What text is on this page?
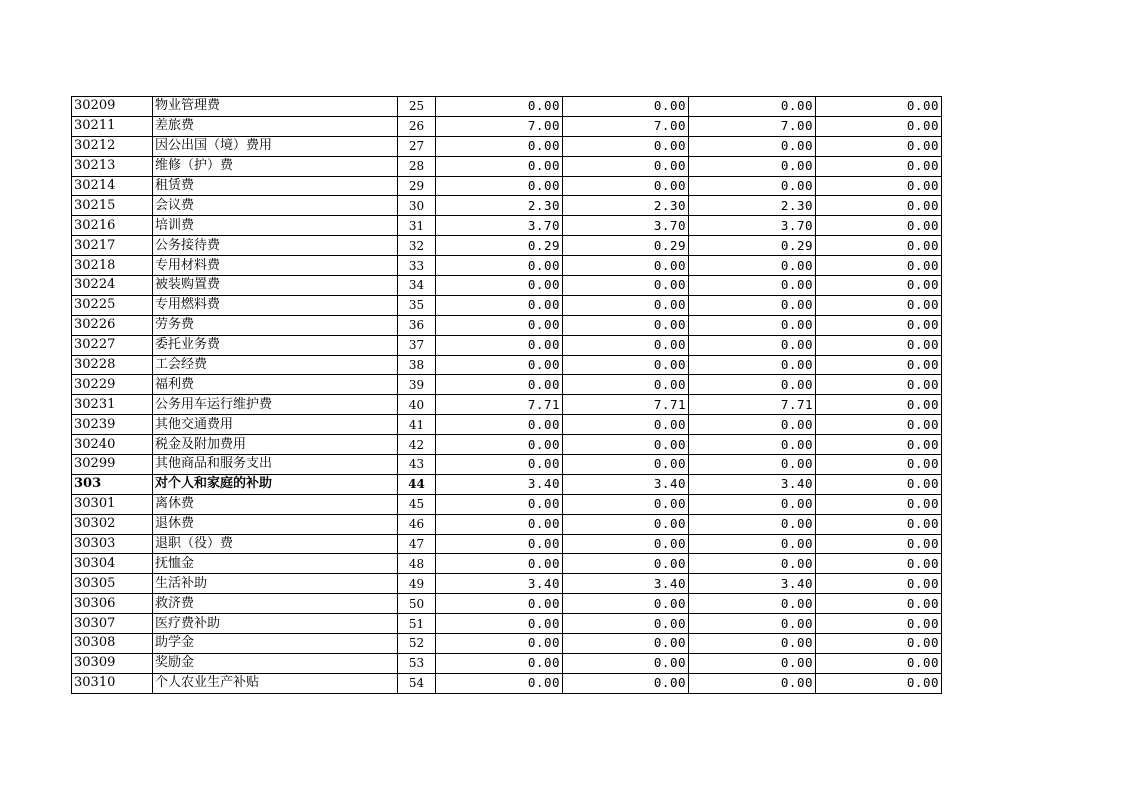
30209	物业管理费	25	0.00	0.00	0.00	0.00
30211	差旅费	26	7.00	7.00	7.00	0.00
30212	因公出国（境）费用	27	0.00	0.00	0.00	0.00
30213	维修（护）费	28	0.00	0.00	0.00	0.00
30214	租赁费	29	0.00	0.00	0.00	0.00
30215	会议费	30	2.30	2.30	2.30	0.00
30216	培训费	31	3.70	3.70	3.70	0.00
30217	公务接待费	32	0.29	0.29	0.29	0.00
30218	专用材料费	33	0.00	0.00	0.00	0.00
30224	被装购置费	34	0.00	0.00	0.00	0.00
30225	专用燃料费	35	0.00	0.00	0.00	0.00
30226	劳务费	36	0.00	0.00	0.00	0.00
30227	委托业务费	37	0.00	0.00	0.00	0.00
30228	工会经费	38	0.00	0.00	0.00	0.00
30229	福利费	39	0.00	0.00	0.00	0.00
30231	公务用车运行维护费	40	7.71	7.71	7.71	0.00
30239	其他交通费用	41	0.00	0.00	0.00	0.00
30240	税金及附加费用	42	0.00	0.00	0.00	0.00
30299	其他商品和服务支出	43	0.00	0.00	0.00	0.00
303	对个人和家庭的补助	44	3.40	3.40	3.40	0.00
30301	离休费	45	0.00	0.00	0.00	0.00
30302	退休费	46	0.00	0.00	0.00	0.00
30303	退职（役）费	47	0.00	0.00	0.00	0.00
30304	抚恤金	48	0.00	0.00	0.00	0.00
30305	生活补助	49	3.40	3.40	3.40	0.00
30306	救济费	50	0.00	0.00	0.00	0.00
30307	医疗费补助	51	0.00	0.00	0.00	0.00
30308	助学金	52	0.00	0.00	0.00	0.00
30309	奖励金	53	0.00	0.00	0.00	0.00
30310	个人农业生产补贴	54	0.00	0.00	0.00	0.00
